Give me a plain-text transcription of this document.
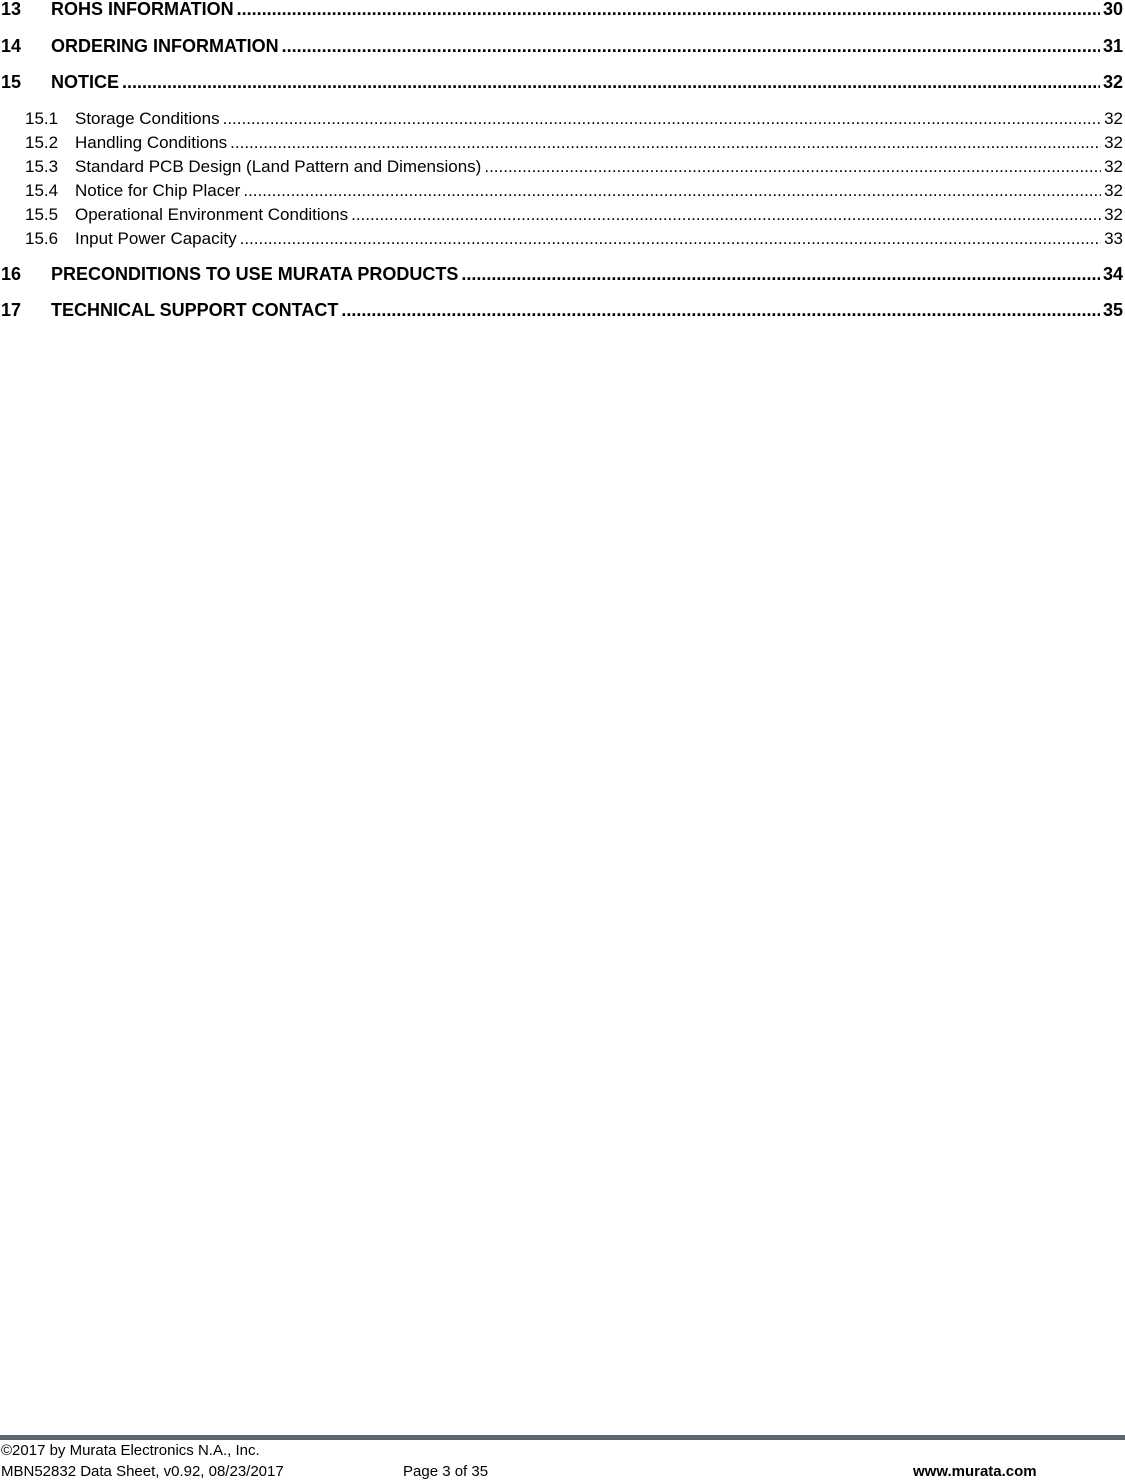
13	ROHS INFORMATION .....	30
14	ORDERING INFORMATION .....	31
15	NOTICE .....	32
15.1 Storage Conditions .....	32
15.2 Handling Conditions .....	32
15.3 Standard PCB Design (Land Pattern and Dimensions) .....	32
15.4 Notice for Chip Placer .....	32
15.5 Operational Environment Conditions .....	32
15.6 Input Power Capacity .....	33
16	PRECONDITIONS TO USE MURATA PRODUCTS .....	34
17	TECHNICAL SUPPORT CONTACT .....	35
©2017 by Murata Electronics N.A., Inc.
MBN52832 Data Sheet, v0.92, 08/23/2017	Page 3 of 35	www.murata.com
